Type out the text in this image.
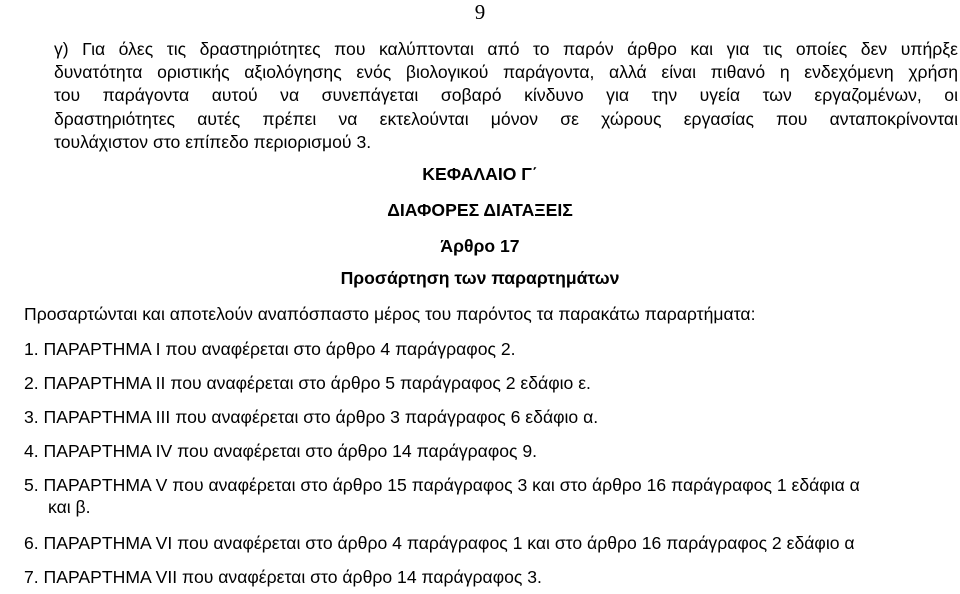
9
γ) Για όλες τις δραστηριότητες που καλύπτονται από το παρόν άρθρο και για τις οποίες δεν υπήρξε
δυνατότητα οριστικής αξιολόγησης ενός βιολογικού παράγοντα, αλλά είναι πιθανό η ενδεχόμενη χρήση
του παράγοντα αυτού να συνεπάγεται σοβαρό κίνδυνο για την υγεία των εργαζομένων, οι
δραστηριότητες αυτές πρέπει να εκτελούνται μόνον σε χώρους εργασίας που ανταποκρίνονται
τουλάχιστον στο επίπεδο περιορισμού 3.
ΚΕΦΑΛΑΙΟ Γ΄
ΔΙΑΦΟΡΕΣ ΔΙΑΤΑΞΕΙΣ
Άρθρο 17
Προσάρτηση των παραρτημάτων
Προσαρτώνται και αποτελούν αναπόσπαστο μέρος του παρόντος τα παρακάτω παραρτήματα:
1. ΠΑΡΑΡΤΗΜΑ Ι που αναφέρεται στο άρθρο 4 παράγραφος 2.
2. ΠΑΡΑΡΤΗΜΑ ΙΙ που αναφέρεται στο άρθρο 5 παράγραφος 2 εδάφιο ε.
3. ΠΑΡΑΡΤΗΜΑ ΙΙΙ που αναφέρεται στο άρθρο 3 παράγραφος 6 εδάφιο α.
4. ΠΑΡΑΡΤΗΜΑ ΙV που αναφέρεται στο άρθρο 14 παράγραφος 9.
5. ΠΑΡΑΡΤΗΜΑ V που αναφέρεται στο άρθρο 15 παράγραφος 3 και στο άρθρο 16 παράγραφος 1 εδάφια α
και β.
6. ΠΑΡΑΡΤΗΜΑ VI που αναφέρεται στο άρθρο 4 παράγραφος 1 και στο άρθρο 16 παράγραφος 2 εδάφιο α
7. ΠΑΡΑΡΤΗΜΑ VII που αναφέρεται στο άρθρο 14 παράγραφος 3.
